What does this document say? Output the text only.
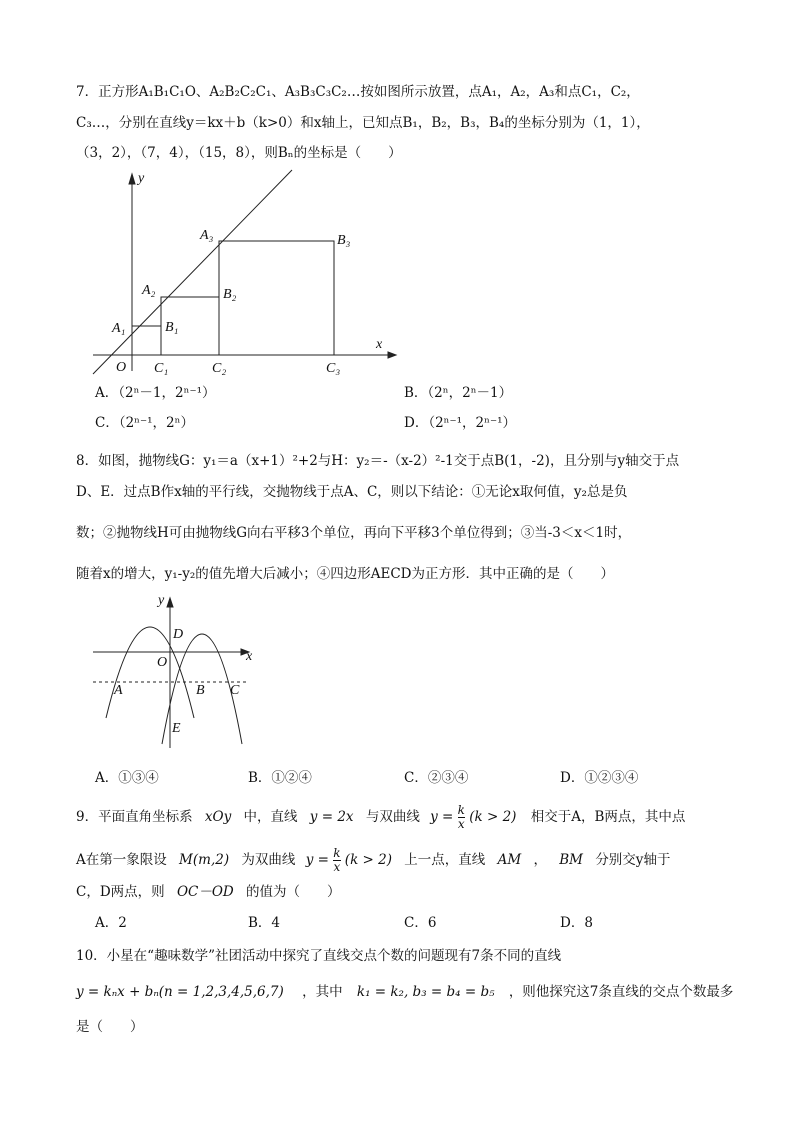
7．正方形A₁B₁C₁O、A₂B₂C₂C₁、A₃B₃C₃C₂…按如图所示放置，点A₁，A₂，A₃和点C₁，C₂，
C₃…，分别在直线y＝kx＋b（k>0）和x轴上，已知点B₁，B₂，B₃，B₄的坐标分别为（1，1），
（3，2），（7，4），（15，8），则Bₙ的坐标是（　　）
y
x
O
A₁
A₂
A₃
B₁
B₂
B₃
C₁	C₂	C₃
A．（2ⁿ－1，2ⁿ⁻¹）	B．（2ⁿ，2ⁿ－1）
C．（2ⁿ⁻¹，2ⁿ）	D．（2ⁿ⁻¹，2ⁿ⁻¹）
8．如图，抛物线G：y₁＝a（x+1）²+2与H：y₂＝-（x-2）²-1交于点B(1，-2)，且分别与y轴交于点
D、E．过点B作x轴的平行线，交抛物线于点A、C，则以下结论：①无论x取何值，y₂总是负
数；②抛物线H可由抛物线G向右平移3个单位，再向下平移3个单位得到；③当-3＜x＜1时，
随着x的增大，y₁-y₂的值先增大后减小；④四边形AECD为正方形．其中正确的是（　　）
y
x
O
D
E
A	B C
A．①③④	B．①②④	C．②③④	D．①②③④
9．平面直角坐标系 xOy 中，直线 y = 2x 与双曲线 $y = \frac{k}{x} (k > 2)$ 相交于A，B两点，其中点
A在第一象限设 M(m,2) 为双曲线 $y = \frac{k}{x} (k > 2)$ 上一点，直线 AM ， BM 分别交y轴于
C，D两点，则 OC－OD 的值为（　　）
A．2	B．4	C．6	D．8
10．小星在“趣味数学”社团活动中探究了直线交点个数的问题现有7条不同的直线
y = kₙx + bₙ(n = 1,2,3,4,5,6,7) ，其中 k₁ = k₂, b₃ = b₄ = b₅ ，则他探究这7条直线的交点个数最多
是（　　）
